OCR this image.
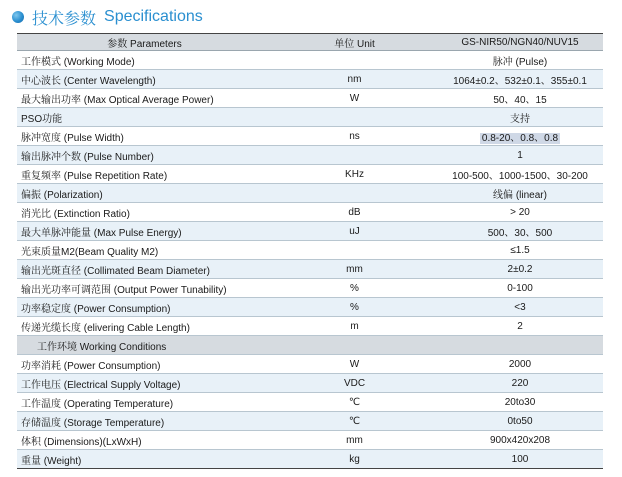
技术参数 Specifications
参数 Parameters	单位 Unit	GS-NIR50/NGN40/NUV15
工作模式 (Working Mode)		脉冲 (Pulse)
中心波长 (Center Wavelength)	nm	1064±0.2、532±0.1、355±0.1
最大输出功率 (Max Optical Average Power)	W	50、40、15
PSO功能		支持
脉冲宽度 (Pulse Width)	ns	0.8-20、0.8、0.8
输出脉冲个数 (Pulse Number)		1
重复频率 (Pulse Repetition Rate)	KHz	100-500、1000-1500、30-200
偏振 (Polarization)		线偏 (linear)
消光比 (Extinction Ratio)	dB	> 20
最大单脉冲能量 (Max Pulse Energy)	uJ	500、30、500
光束质量M2(Beam Quality M2)		≤1.5
输出光斑直径 (Collimated Beam Diameter)	mm	2±0.2
输出光功率可调范围 (Output Power Tunability)	%	0-100
功率稳定度 (Power Consumption)	%	<3
传递光缆长度 (elivering Cable Length)	m	2
工作环境 Working Conditions		
功率消耗 (Power Consumption)	W	2000
工作电压 (Electrical Supply Voltage)	VDC	220
工作温度 (Operating Temperature)	℃	20to30
存储温度 (Storage Temperature)	℃	0to50
体积 (Dimensions)(LxWxH)	mm	900x420x208
重量 (Weight)	kg	100
